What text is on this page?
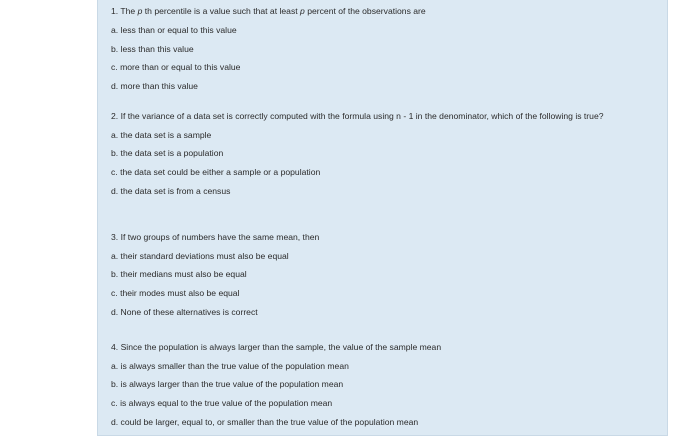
1. The p th percentile is a value such that at least p percent of the observations are

a. less than or equal to this value

b. less than this value

c. more than or equal to this value

d. more than this value

2. If the variance of a data set is correctly computed with the formula using n - 1 in the denominator, which of the following is true?

a. the data set is a sample

b. the data set is a population

c. the data set could be either a sample or a population

d. the data set is from a census

3. If two groups of numbers have the same mean, then

a. their standard deviations must also be equal

b. their medians must also be equal

c. their modes must also be equal

d. None of these alternatives is correct

4. Since the population is always larger than the sample, the value of the sample mean

a. is always smaller than the true value of the population mean

b. is always larger than the true value of the population mean

c. is always equal to the true value of the population mean

d. could be larger, equal to, or smaller than the true value of the population mean
